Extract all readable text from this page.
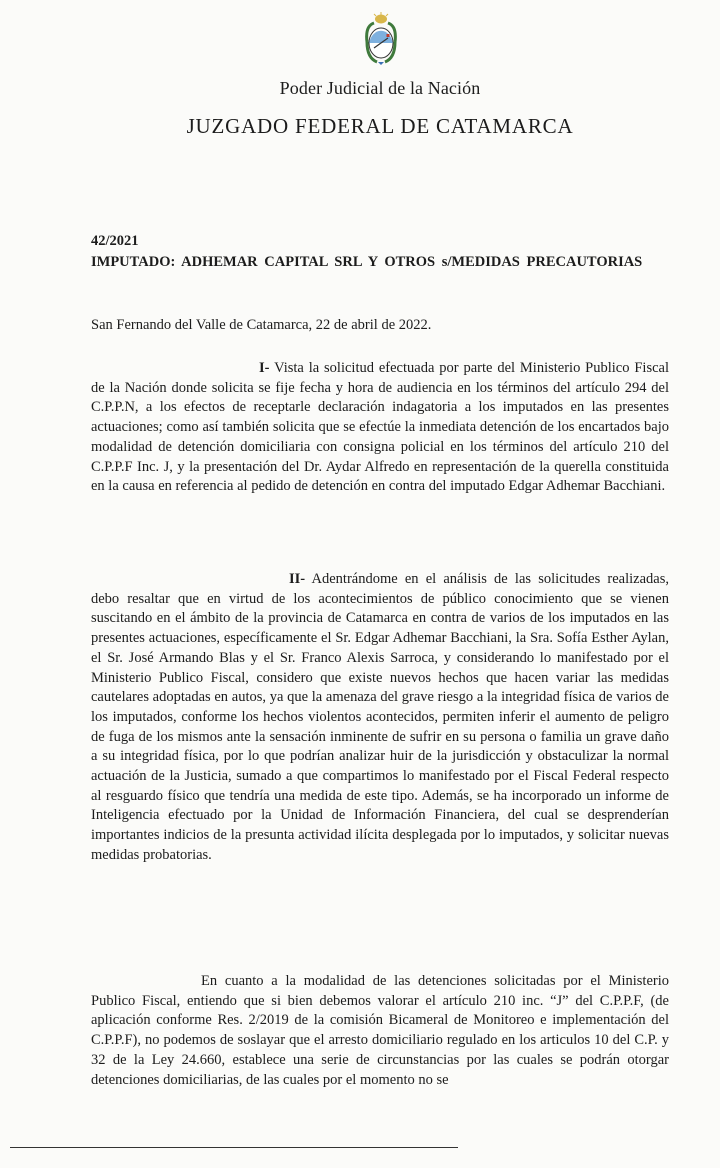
Poder Judicial de la Nación
JUZGADO FEDERAL DE CATAMARCA
42/2021
IMPUTADO: ADHEMAR CAPITAL SRL Y OTROS s/MEDIDAS PRECAUTORIAS
San Fernando del Valle de Catamarca, 22 de abril de 2022.

I- Vista la solicitud efectuada por parte del Ministerio Publico Fiscal de la Nación donde solicita se fije fecha y hora de audiencia en los términos del artículo 294 del C.P.P.N, a los efectos de receptarle declaración indagatoria a los imputados en las presentes actuaciones; como así también solicita que se efectúe la inmediata detención de los encartados bajo modalidad de detención domiciliaria con consigna policial en los términos del artículo 210 del C.P.P.F Inc. J, y la presentación del Dr. Aydar Alfredo en representación de la querella constituida en la causa en referencia al pedido de detención en contra del imputado Edgar Adhemar Bacchiani.

II- Adentrándome en el análisis de las solicitudes realizadas, debo resaltar que en virtud de los acontecimientos de público conocimiento que se vienen suscitando en el ámbito de la provincia de Catamarca en contra de varios de los imputados en las presentes actuaciones, específicamente el Sr. Edgar Adhemar Bacchiani, la Sra. Sofía Esther Aylan, el Sr. José Armando Blas y el Sr. Franco Alexis Sarroca, y considerando lo manifestado por el Ministerio Publico Fiscal, considero que existe nuevos hechos que hacen variar las medidas cautelares adoptadas en autos, ya que la amenaza del grave riesgo a la integridad física de varios de los imputados, conforme los hechos violentos acontecidos, permiten inferir el aumento de peligro de fuga de los mismos ante la sensación inminente de sufrir en su persona o familia un grave daño a su integridad física, por lo que podrían analizar huir de la jurisdicción y obstaculizar la normal actuación de la Justicia, sumado a que compartimos lo manifestado por el Fiscal Federal respecto al resguardo físico que tendría una medida de este tipo. Además, se ha incorporado un informe de Inteligencia efectuado por la Unidad de Información Financiera, del cual se desprenderían importantes indicios de la presunta actividad ilícita desplegada por lo imputados, y solicitar nuevas medidas probatorias.

En cuanto a la modalidad de las detenciones solicitadas por el Ministerio Publico Fiscal, entiendo que si bien debemos valorar el artículo 210 inc. “J” del C.P.P.F, (de aplicación conforme Res. 2/2019 de la comisión Bicameral de Monitoreo e implementación del C.P.P.F), no podemos de soslayar que el arresto domiciliario regulado en los articulos 10 del C.P. y 32 de la Ley 24.660, establece una serie de circunstancias por las cuales se podrán otorgar detenciones domiciliarias, de las cuales por el momento no se
